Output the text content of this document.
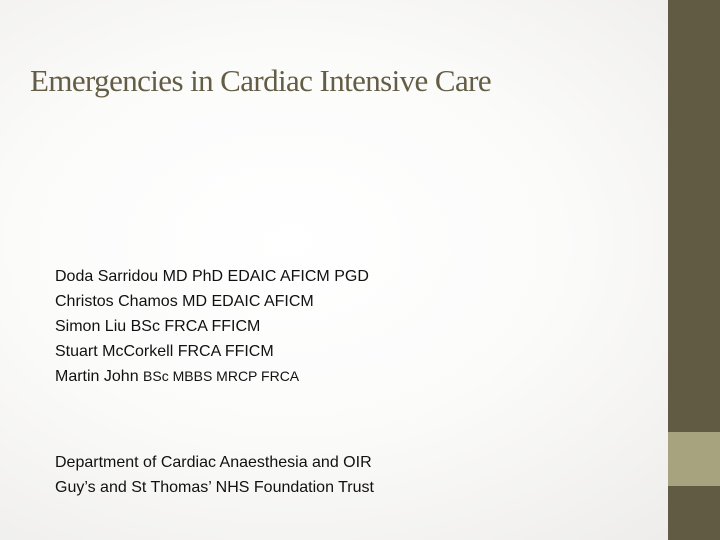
Emergencies in Cardiac Intensive Care
Doda Sarridou MD PhD EDAIC AFICM PGD
Christos Chamos MD EDAIC AFICM
Simon Liu BSc FRCA FFICM
Stuart McCorkell FRCA FFICM
Martin John BSc MBBS MRCP FRCA
Department of Cardiac Anaesthesia and OIR
Guy’s and St Thomas’ NHS Foundation Trust
